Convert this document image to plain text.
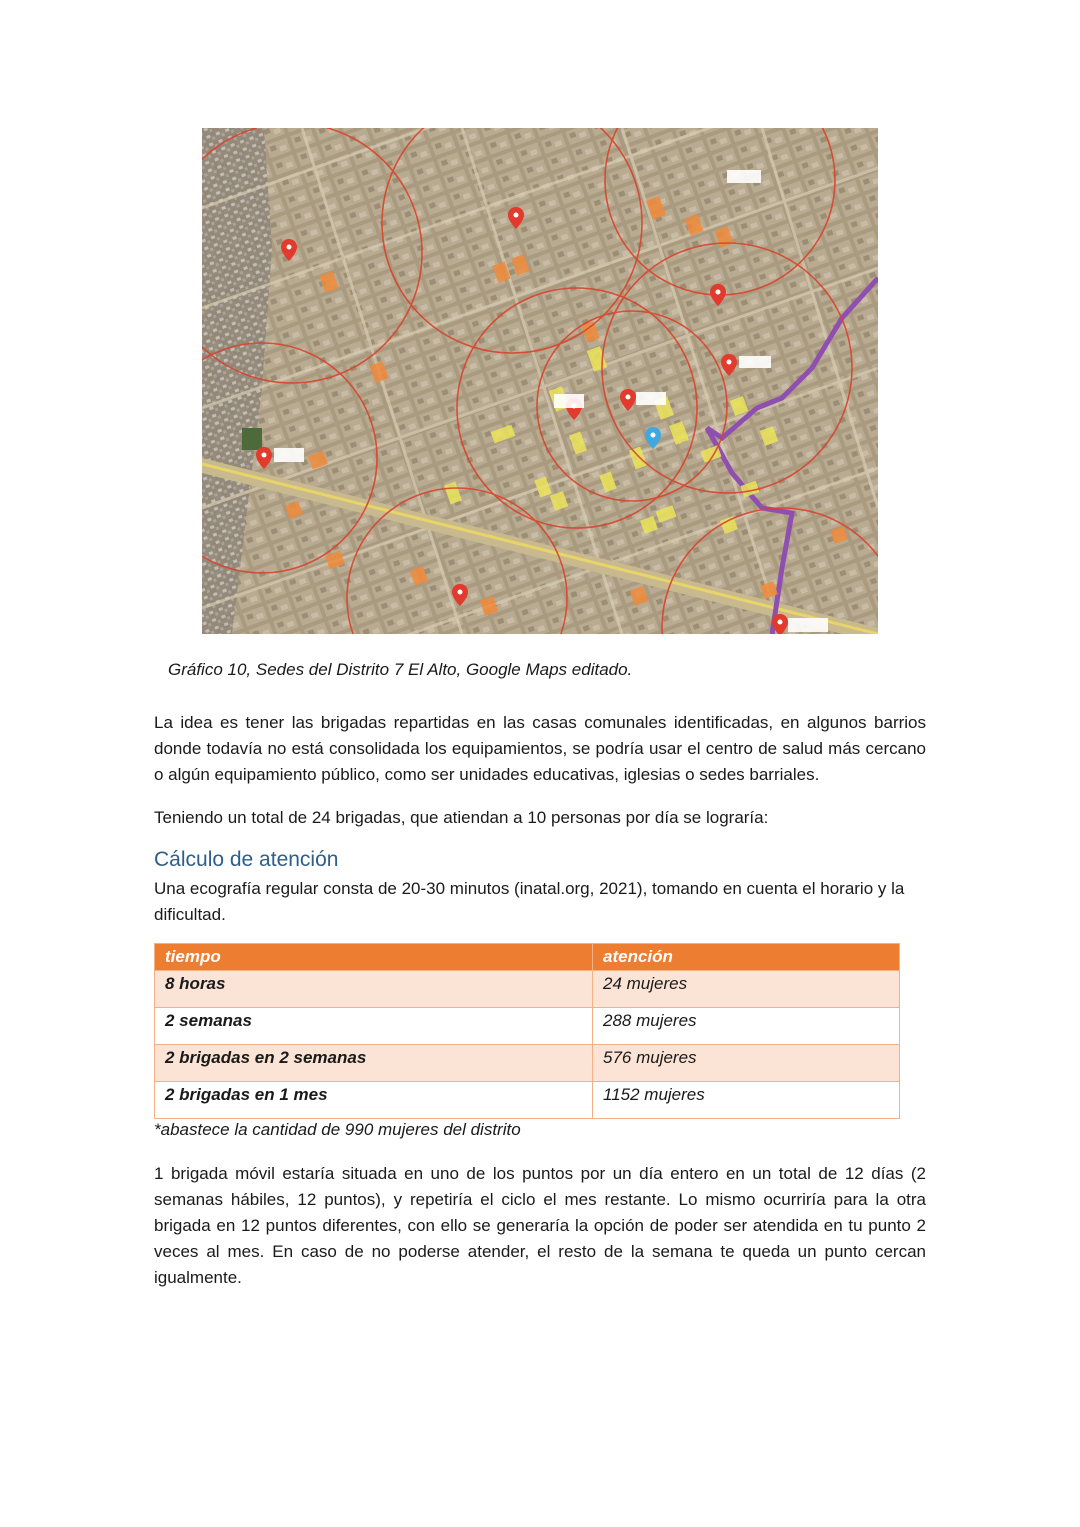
Gráfico 10, Sedes del Distrito 7 El Alto, Google Maps editado.

La idea es tener las brigadas repartidas en las casas comunales identificadas, en algunos barrios donde todavía no está consolidada los equipamientos, se podría usar el centro de salud más cercano o algún equipamiento público, como ser unidades educativas, iglesias o sedes barriales.

Teniendo un total de 24 brigadas, que atiendan a 10 personas por día se lograría:

Cálculo de atención

Una ecografía regular consta de 20-30 minutos (inatal.org, 2021), tomando en cuenta el horario y la dificultad.

tiempo	atención
8 horas	24 mujeres
2 semanas	288 mujeres
2 brigadas en 2 semanas	576 mujeres
2 brigadas en 1 mes	1152 mujeres
*abastece la cantidad de 990 mujeres del distrito

1 brigada móvil estaría situada en uno de los puntos por un día entero en un total de 12 días (2 semanas hábiles, 12 puntos), y repetiría el ciclo el mes restante. Lo mismo ocurriría para la otra brigada en 12 puntos diferentes, con ello se generaría la opción de poder ser atendida en tu punto 2 veces al mes. En caso de no poderse atender, el resto de la semana te queda un punto cercan igualmente.
